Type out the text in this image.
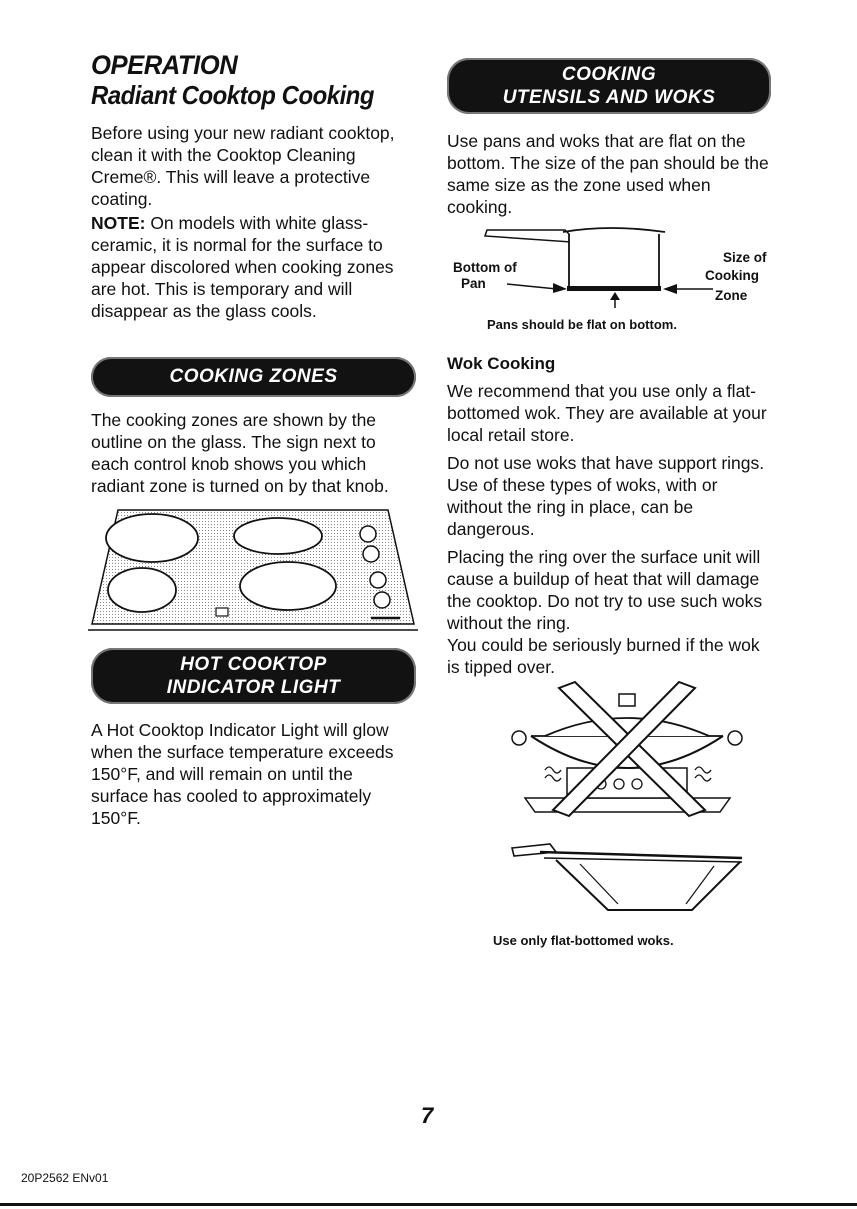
OPERATION
Radiant Cooktop Cooking

Before using your new radiant cooktop, clean it with the Cooktop Cleaning Creme®. This will leave a protective coating.

NOTE: On models with white glass-ceramic, it is normal for the surface to appear discolored when cooking zones are hot. This is temporary and will disappear as the glass cools.

COOKING ZONES

The cooking zones are shown by the outline on the glass. The sign next to each control knob shows you which radiant zone is turned on by that knob.

HOT COOKTOP
INDICATOR LIGHT

A Hot Cooktop Indicator Light will glow when the surface temperature exceeds 150°F, and will remain on until the surface has cooled to approximately 150°F.

COOKING
UTENSILS AND WOKS

Use pans and woks that are flat on the bottom. The size of the pan should be the same size as the zone used when cooking.

Bottom of
Pan
Size of
Cooking
Zone
Pans should be flat on bottom.
Wok Cooking

We recommend that you use only a flat-bottomed wok. They are available at your local retail store.

Do not use woks that have support rings. Use of these types of woks, with or without the ring in place, can be dangerous.

Placing the ring over the surface unit will cause a buildup of heat that will damage the cooktop. Do not try to use such woks without the ring.

You could be seriously burned if the wok is tipped over.

Use only flat-bottomed woks.
7
20P2562 ENv01
